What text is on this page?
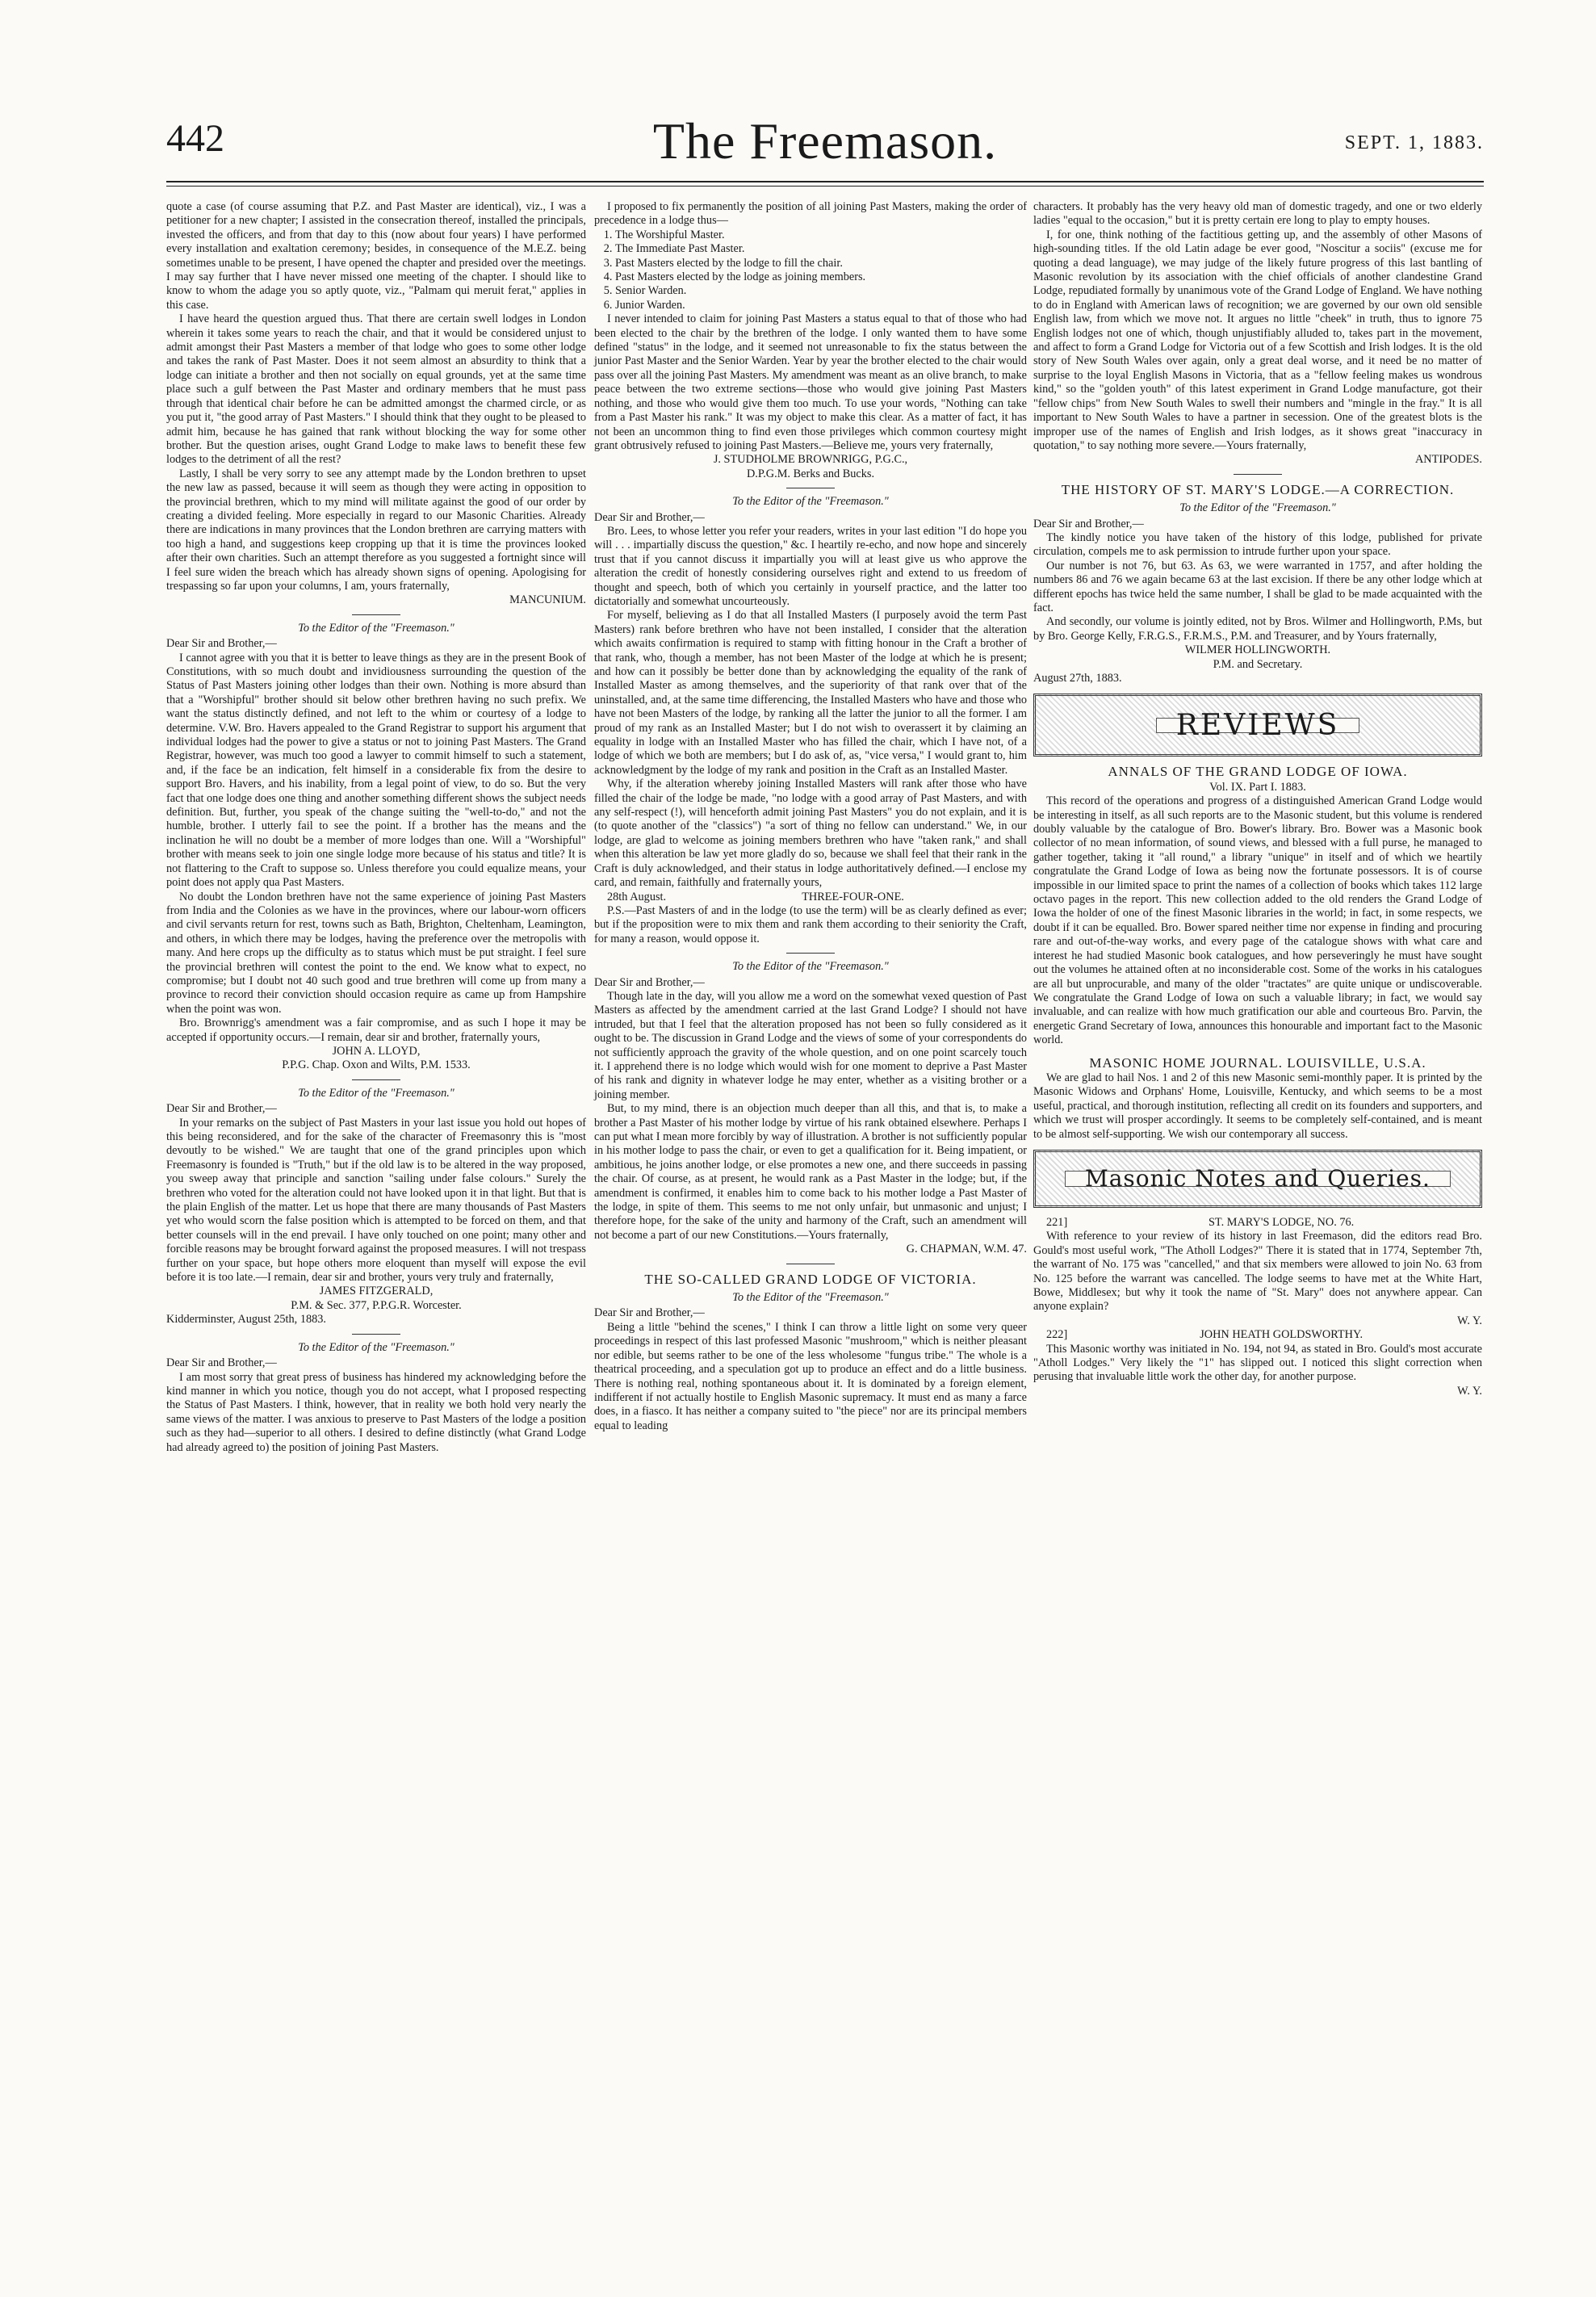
442	The Freemason.	SEPT. 1, 1883.

quote a case (of course assuming that P.Z. and Past Master are identical), viz., I was a petitioner for a new chapter; I assisted in the consecration thereof, installed the principals, invested the officers, and from that day to this (now about four years) I have performed every installation and exaltation ceremony; besides, in consequence of the M.E.Z. being sometimes unable to be present, I have opened the chapter and presided over the meetings. I may say further that I have never missed one meeting of the chapter. I should like to know to whom the adage you so aptly quote, viz., "Palmam qui meruit ferat," applies in this case.

I have heard the question argued thus. That there are certain swell lodges in London wherein it takes some years to reach the chair, and that it would be considered unjust to admit amongst their Past Masters a member of that lodge who goes to some other lodge and takes the rank of Past Master. Does it not seem almost an absurdity to think that a lodge can initiate a brother and then not socially on equal grounds, yet at the same time place such a gulf between the Past Master and ordinary members that he must pass through that identical chair before he can be admitted amongst the charmed circle, or as you put it, "the good array of Past Masters." I should think that they ought to be pleased to admit him, because he has gained that rank without blocking the way for some other brother. But the question arises, ought Grand Lodge to make laws to benefit these few lodges to the detriment of all the rest?

Lastly, I shall be very sorry to see any attempt made by the London brethren to upset the new law as passed, because it will seem as though they were acting in opposition to the provincial brethren, which to my mind will militate against the good of our order by creating a divided feeling. More especially in regard to our Masonic Charities. Already there are indications in many provinces that the London brethren are carrying matters with too high a hand, and suggestions keep cropping up that it is time the provinces looked after their own charities. Such an attempt therefore as you suggested a fortnight since will I feel sure widen the breach which has already shown signs of opening. Apologising for trespassing so far upon your columns, I am, yours fraternally,

MANCUNIUM.

To the Editor of the "Freemason."

Dear Sir and Brother,—

I cannot agree with you that it is better to leave things as they are in the present Book of Constitutions, with so much doubt and invidiousness surrounding the question of the Status of Past Masters joining other lodges than their own. Nothing is more absurd than that a "Worshipful" brother should sit below other brethren having no such prefix. We want the status distinctly defined, and not left to the whim or courtesy of a lodge to determine. V.W. Bro. Havers appealed to the Grand Registrar to support his argument that individual lodges had the power to give a status or not to joining Past Masters. The Grand Registrar, however, was much too good a lawyer to commit himself to such a statement, and, if the face be an indication, felt himself in a considerable fix from the desire to support Bro. Havers, and his inability, from a legal point of view, to do so. But the very fact that one lodge does one thing and another something different shows the subject needs definition. But, further, you speak of the change suiting the "well-to-do," and not the humble, brother. I utterly fail to see the point. If a brother has the means and the inclination he will no doubt be a member of more lodges than one. Will a "Worshipful" brother with means seek to join one single lodge more because of his status and title? It is not flattering to the Craft to suppose so. Unless therefore you could equalize means, your point does not apply qua Past Masters.

No doubt the London brethren have not the same experience of joining Past Masters from India and the Colonies as we have in the provinces, where our labour-worn officers and civil servants return for rest, towns such as Bath, Brighton, Cheltenham, Leamington, and others, in which there may be lodges, having the preference over the metropolis with many. And here crops up the difficulty as to status which must be put straight. I feel sure the provincial brethren will contest the point to the end. We know what to expect, no compromise; but I doubt not 40 such good and true brethren will come up from many a province to record their conviction should occasion require as came up from Hampshire when the point was won.

Bro. Brownrigg's amendment was a fair compromise, and as such I hope it may be accepted if opportunity occurs.—I remain, dear sir and brother, fraternally yours,

JOHN A. LLOYD,

P.P.G. Chap. Oxon and Wilts, P.M. 1533.

To the Editor of the "Freemason."

Dear Sir and Brother,—

In your remarks on the subject of Past Masters in your last issue you hold out hopes of this being reconsidered, and for the sake of the character of Freemasonry this is "most devoutly to be wished." We are taught that one of the grand principles upon which Freemasonry is founded is "Truth," but if the old law is to be altered in the way proposed, you sweep away that principle and sanction "sailing under false colours." Surely the brethren who voted for the alteration could not have looked upon it in that light. But that is the plain English of the matter. Let us hope that there are many thousands of Past Masters yet who would scorn the false position which is attempted to be forced on them, and that better counsels will in the end prevail. I have only touched on one point; many other and forcible reasons may be brought forward against the proposed measures. I will not trespass further on your space, but hope others more eloquent than myself will expose the evil before it is too late.—I remain, dear sir and brother, yours very truly and fraternally,

JAMES FITZGERALD,

P.M. & Sec. 377, P.P.G.R. Worcester.

Kidderminster, August 25th, 1883.

To the Editor of the "Freemason."

Dear Sir and Brother,—

I am most sorry that great press of business has hindered my acknowledging before the kind manner in which you notice, though you do not accept, what I proposed respecting the Status of Past Masters. I think, however, that in reality we both hold very nearly the same views of the matter. I was anxious to preserve to Past Masters of the lodge a position such as they had—superior to all others. I desired to define distinctly (what Grand Lodge had already agreed to) the position of joining Past Masters.

I proposed to fix permanently the position of all joining Past Masters, making the order of precedence in a lodge thus—

1. The Worshipful Master.
2. The Immediate Past Master.
3. Past Masters elected by the lodge to fill the chair.
4. Past Masters elected by the lodge as joining members.
5. Senior Warden.
6. Junior Warden.

I never intended to claim for joining Past Masters a status equal to that of those who had been elected to the chair by the brethren of the lodge. I only wanted them to have some defined "status" in the lodge, and it seemed not unreasonable to fix the status between the junior Past Master and the Senior Warden. Year by year the brother elected to the chair would pass over all the joining Past Masters. My amendment was meant as an olive branch, to make peace between the two extreme sections—those who would give joining Past Masters nothing, and those who would give them too much. To use your words, "Nothing can take from a Past Master his rank." It was my object to make this clear. As a matter of fact, it has not been an uncommon thing to find even those privileges which common courtesy might grant obtrusively refused to joining Past Masters.—Believe me, yours very fraternally,

J. STUDHOLME BROWNRIGG, P.G.C.,

D.P.G.M. Berks and Bucks.

To the Editor of the "Freemason."

Dear Sir and Brother,—

Bro. Lees, to whose letter you refer your readers, writes in your last edition "I do hope you will . . . impartially discuss the question," &c. I heartily re-echo, and now hope and sincerely trust that if you cannot discuss it impartially you will at least give us who approve the alteration the credit of honestly considering ourselves right and extend to us freedom of thought and speech, both of which you certainly in yourself practice, and the latter too dictatorially and somewhat uncourteously.

For myself, believing as I do that all Installed Masters (I purposely avoid the term Past Masters) rank before brethren who have not been installed, I consider that the alteration which awaits confirmation is required to stamp with fitting honour in the Craft a brother of that rank, who, though a member, has not been Master of the lodge at which he is present; and how can it possibly be better done than by acknowledging the equality of the rank of Installed Master as among themselves, and the superiority of that rank over that of the uninstalled, and, at the same time differencing, the Installed Masters who have and those who have not been Masters of the lodge, by ranking all the latter the junior to all the former. I am proud of my rank as an Installed Master; but I do not wish to overassert it by claiming an equality in lodge with an Installed Master who has filled the chair, which I have not, of a lodge of which we both are members; but I do ask of, as, "vice versa," I would grant to, him acknowledgment by the lodge of my rank and position in the Craft as an Installed Master.

Why, if the alteration whereby joining Installed Masters will rank after those who have filled the chair of the lodge be made, "no lodge with a good array of Past Masters, and with any self-respect (!), will henceforth admit joining Past Masters" you do not explain, and it is (to quote another of the "classics") "a sort of thing no fellow can understand." We, in our lodge, are glad to welcome as joining members brethren who have "taken rank," and shall when this alteration be law yet more gladly do so, because we shall feel that their rank in the Craft is duly acknowledged, and their status in lodge authoritatively defined.—I enclose my card, and remain, faithfully and fraternally yours,

28th August.	THREE-FOUR-ONE.

P.S.—Past Masters of and in the lodge (to use the term) will be as clearly defined as ever; but if the proposition were to mix them and rank them according to their seniority the Craft, for many a reason, would oppose it.

To the Editor of the "Freemason."

Dear Sir and Brother,—

Though late in the day, will you allow me a word on the somewhat vexed question of Past Masters as affected by the amendment carried at the last Grand Lodge? I should not have intruded, but that I feel that the alteration proposed has not been so fully considered as it ought to be. The discussion in Grand Lodge and the views of some of your correspondents do not sufficiently approach the gravity of the whole question, and on one point scarcely touch it. I apprehend there is no lodge which would wish for one moment to deprive a Past Master of his rank and dignity in whatever lodge he may enter, whether as a visiting brother or a joining member.

But, to my mind, there is an objection much deeper than all this, and that is, to make a brother a Past Master of his mother lodge by virtue of his rank obtained elsewhere. Perhaps I can put what I mean more forcibly by way of illustration. A brother is not sufficiently popular in his mother lodge to pass the chair, or even to get a qualification for it. Being impatient, or ambitious, he joins another lodge, or else promotes a new one, and there succeeds in passing the chair. Of course, as at present, he would rank as a Past Master in the lodge; but, if the amendment is confirmed, it enables him to come back to his mother lodge a Past Master of the lodge, in spite of them. This seems to me not only unfair, but unmasonic and unjust; I therefore hope, for the sake of the unity and harmony of the Craft, such an amendment will not become a part of our new Constitutions.—Yours fraternally,

G. CHAPMAN, W.M. 47.

THE SO-CALLED GRAND LODGE OF VICTORIA.

To the Editor of the "Freemason."

Dear Sir and Brother,—

Being a little "behind the scenes," I think I can throw a little light on some very queer proceedings in respect of this last professed Masonic "mushroom," which is neither pleasant nor edible, but seems rather to be one of the less wholesome "fungus tribe." The whole is a theatrical proceeding, and a speculation got up to produce an effect and do a little business. There is nothing real, nothing spontaneous about it. It is dominated by a foreign element, indifferent if not actually hostile to English Masonic supremacy. It must end as many a farce does, in a fiasco. It has neither a company suited to "the piece" nor are its principal members equal to leading

characters. It probably has the very heavy old man of domestic tragedy, and one or two elderly ladies "equal to the occasion," but it is pretty certain ere long to play to empty houses.

I, for one, think nothing of the factitious getting up, and the assembly of other Masons of high-sounding titles. If the old Latin adage be ever good, "Noscitur a sociis" (excuse me for quoting a dead language), we may judge of the likely future progress of this last bantling of Masonic revolution by its association with the chief officials of another clandestine Grand Lodge, repudiated formally by unanimous vote of the Grand Lodge of England. We have nothing to do in England with American laws of recognition; we are governed by our own old sensible English law, from which we move not. It argues no little "cheek" in truth, thus to ignore 75 English lodges not one of which, though unjustifiably alluded to, takes part in the movement, and affect to form a Grand Lodge for Victoria out of a few Scottish and Irish lodges. It is the old story of New South Wales over again, only a great deal worse, and it need be no matter of surprise to the loyal English Masons in Victoria, that as a "fellow feeling makes us wondrous kind," so the "golden youth" of this latest experiment in Grand Lodge manufacture, got their "fellow chips" from New South Wales to swell their numbers and "mingle in the fray." It is all important to New South Wales to have a partner in secession. One of the greatest blots is the improper use of the names of English and Irish lodges, as it shows great "inaccuracy in quotation," to say nothing more severe.—Yours fraternally,

ANTIPODES.

THE HISTORY OF ST. MARY'S LODGE.—A CORRECTION.

To the Editor of the "Freemason."

Dear Sir and Brother,—

The kindly notice you have taken of the history of this lodge, published for private circulation, compels me to ask permission to intrude further upon your space.

Our number is not 76, but 63. As 63, we were warranted in 1757, and after holding the numbers 86 and 76 we again became 63 at the last excision. If there be any other lodge which at different epochs has twice held the same number, I shall be glad to be made acquainted with the fact.

And secondly, our volume is jointly edited, not by Bros. Wilmer and Hollingworth, P.Ms, but by Bro. George Kelly, F.R.G.S., F.R.M.S., P.M. and Treasurer, and by Yours fraternally,

WILMER HOLLINGWORTH.

P.M. and Secretary.

August 27th, 1883.

REVIEWS

ANNALS OF THE GRAND LODGE OF IOWA.

Vol. IX. Part I. 1883.

This record of the operations and progress of a distinguished American Grand Lodge would be interesting in itself, as all such reports are to the Masonic student, but this volume is rendered doubly valuable by the catalogue of Bro. Bower's library. Bro. Bower was a Masonic book collector of no mean information, of sound views, and blessed with a full purse, he managed to gather together, taking it "all round," a library "unique" in itself and of which we heartily congratulate the Grand Lodge of Iowa as being now the fortunate possessors. It is of course impossible in our limited space to print the names of a collection of books which takes 112 large octavo pages in the report. This new collection added to the old renders the Grand Lodge of Iowa the holder of one of the finest Masonic libraries in the world; in fact, in some respects, we doubt if it can be equalled. Bro. Bower spared neither time nor expense in finding and procuring rare and out-of-the-way works, and every page of the catalogue shows with what care and interest he had studied Masonic book catalogues, and how perseveringly he must have sought out the volumes he attained often at no inconsiderable cost. Some of the works in his catalogues are all but unprocurable, and many of the older "tractates" are quite unique or undiscoverable. We congratulate the Grand Lodge of Iowa on such a valuable library; in fact, we would say invaluable, and can realize with how much gratification our able and courteous Bro. Parvin, the energetic Grand Secretary of Iowa, announces this honourable and important fact to the Masonic world.

MASONIC HOME JOURNAL. LOUISVILLE, U.S.A.

We are glad to hail Nos. 1 and 2 of this new Masonic semi-monthly paper. It is printed by the Masonic Widows and Orphans' Home, Louisville, Kentucky, and which seems to be a most useful, practical, and thorough institution, reflecting all credit on its founders and supporters, and which we trust will prosper accordingly. It seems to be completely self-contained, and is meant to be almost self-supporting. We wish our contemporary all success.

Masonic Notes and Queries.

221]	ST. MARY'S LODGE, NO. 76.

With reference to your review of its history in last Freemason, did the editors read Bro. Gould's most useful work, "The Atholl Lodges?" There it is stated that in 1774, September 7th, the warrant of No. 175 was "cancelled," and that six members were allowed to join No. 63 from No. 125 before the warrant was cancelled. The lodge seems to have met at the White Hart, Bowe, Middlesex; but why it took the name of "St. Mary" does not anywhere appear. Can anyone explain?

W. Y.

222]	JOHN HEATH GOLDSWORTHY.

This Masonic worthy was initiated in No. 194, not 94, as stated in Bro. Gould's most accurate "Atholl Lodges." Very likely the "1" has slipped out. I noticed this slight correction when perusing that invaluable little work the other day, for another purpose.

W. Y.
